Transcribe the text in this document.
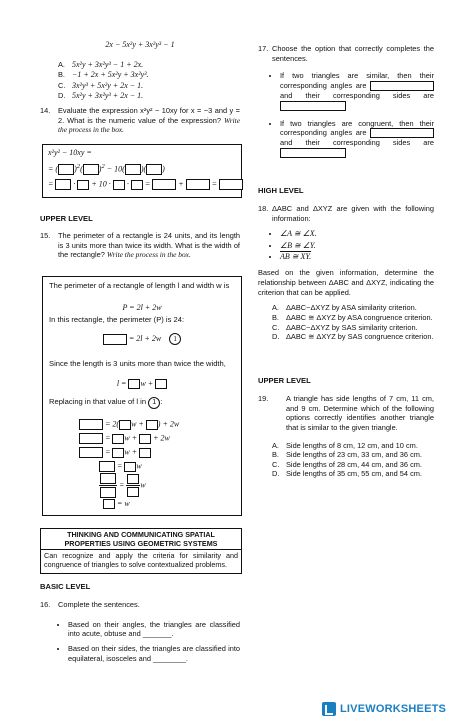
2x − 5x²y + 3x²y³ − 1
A. 5x²y + 3x²y³ − 1 + 2x.
B. −1 + 2x + 5x²y + 3x²y³.
C. 3x²y³ + 5x²y + 2x − 1.
D. 5x²y + 3x²y³ + 2x − 1.
14.	Evaluate the expression x²y² − 10xy for x = −3 and y = 2. What is the numeric value of the expression? Write the process in the box.
x²y² − 10xy =
= ( )$^2$( )$^2$ − 10( )( )
=	· + 10 · · =	+	=
UPPER LEVEL
15.	The perimeter of a rectangle is 24 units, and its length is 3 units more than twice its width. What is the width of the rectangle? Write the process in the box.
The perimeter of a rectangle of length l and width w is
P = 2l + 2w
In this rectangle, the perimeter (P) is 24:
= 2l + 2w 1
Since the length is 3 units more than twice the width,
l = w +
Replacing in that value of l in 1 :
= 2( w + ) + 2w
= w + + 2w
= w +
= w
= w
= w
THINKING AND COMMUNICATING SPATIAL PROPERTIES USING GEOMETRIC SYSTEMS
Can recognize and apply the criteria for similarity and congruence of triangles to solve contextualized problems.
BASIC LEVEL
16.	Complete the sentences.
• Based on their angles, the triangles are classified into acute, obtuse and _______.
• Based on their sides, the triangles are classified into equilateral, isosceles and ________.
17. Choose the option that correctly completes the sentences.
• If two triangles are similar, then their corresponding angles are  and their corresponding sides are
• If two triangles are congruent, then their corresponding angles are  and their corresponding sides are
HIGH LEVEL
18. ΔABC and ΔXYZ are given with the following information:
• ∠A ≅ ∠X.
• ∠B ≅ ∠Y.
• AB ≅ XY.
Based on the given information, determine the relationship between ΔABC and ΔXYZ, indicating the criterion that can be applied.
A. ΔABC~ΔXYZ by ASA similarity criterion.
B. ΔABC ≅ ΔXYZ by ASA congruence criterion.
C. ΔABC~ΔXYZ by SAS similarity criterion.
D. ΔABC ≅ ΔXYZ by SAS congruence criterion.
UPPER LEVEL
19.	A triangle has side lengths of 7 cm, 11 cm, and 9 cm. Determine which of the following options correctly identifies another triangle that is similar to the given triangle.
A. Side lengths of 8 cm, 12 cm, and 10 cm.
B. Side lengths of 23 cm, 33 cm, and 36 cm.
C. Side lengths of 28 cm, 44 cm, and 36 cm.
D. Side lengths of 35 cm, 55 cm, and 54 cm.
LIVEWORKSHEETS
